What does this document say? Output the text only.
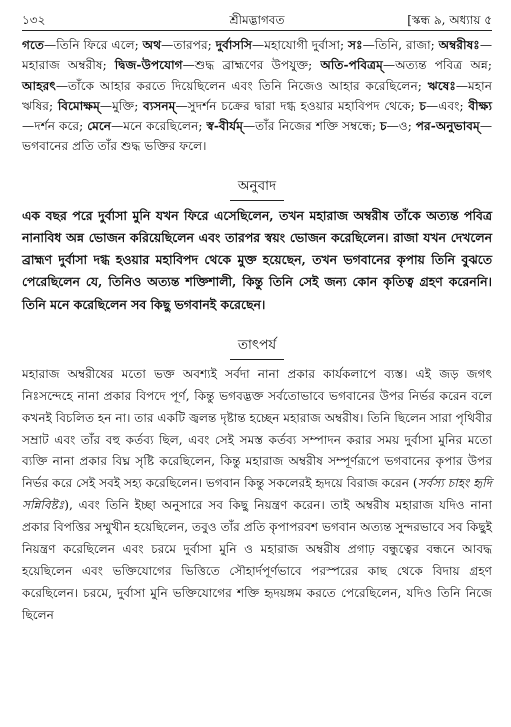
১৩২	শ্রীমদ্ভাগবত	[স্কন্ধ ৯, অধ্যায় ৫

গতে—তিনি ফিরে এলে; অথ—তারপর; দুর্বাসসি—মহাযোগী দুর্বাসা; সঃ—তিনি, রাজা; অম্বরীষঃ—মহারাজ অম্বরীষ; দ্বিজ-উপযোগ—শুদ্ধ ব্রাহ্মণের উপযুক্ত; অতি-পবিত্রম্—অত্যন্ত পবিত্র অন্ন; আহরৎ—তাঁকে আহার করতে দিয়েছিলেন এবং তিনি নিজেও আহার করেছিলেন; ঋষেঃ—মহান ঋষির; বিমোক্ষম্—মুক্তি; ব্যসনম্—সুদর্শন চক্রের দ্বারা দগ্ধ হওয়ার মহাবিপদ থেকে; চ—এবং; বীক্ষ্য—দর্শন করে; মেনে—মনে করেছিলেন; স্ব-বীর্যম্—তাঁর নিজের শক্তি সম্বন্ধে; চ—ও; পর-অনুভাবম্—ভগবানের প্রতি তাঁর শুদ্ধ ভক্তির ফলে।

অনুবাদ

এক বছর পরে দুর্বাসা মুনি যখন ফিরে এসেছিলেন, তখন মহারাজ অম্বরীষ তাঁকে অত্যন্ত পবিত্র নানাবিধ অন্ন ভোজন করিয়েছিলেন এবং তারপর স্বয়ং ভোজন করেছিলেন। রাজা যখন দেখলেন ব্রাহ্মণ দুর্বাসা দগ্ধ হওয়ার মহাবিপদ থেকে মুক্ত হয়েছেন, তখন ভগবানের কৃপায় তিনি বুঝতে পেরেছিলেন যে, তিনিও অত্যন্ত শক্তিশালী, কিন্তু তিনি সেই জন্য কোন কৃতিত্ব গ্রহণ করেননি। তিনি মনে করেছিলেন সব কিছু ভগবানই করেছেন।

তাৎপর্য

মহারাজ অম্বরীষের মতো ভক্ত অবশ্যই সর্বদা নানা প্রকার কার্যকলাপে ব্যস্ত। এই জড় জগৎ নিঃসন্দেহে নানা প্রকার বিপদে পূর্ণ, কিন্তু ভগবদ্ভক্ত সর্বতোভাবে ভগবানের উপর নির্ভর করেন বলে কখনই বিচলিত হন না। তার একটি জ্বলন্ত দৃষ্টান্ত হচ্ছেন মহারাজ অম্বরীষ। তিনি ছিলেন সারা পৃথিবীর সম্রাট এবং তাঁর বহু কর্তব্য ছিল, এবং সেই সমস্ত কর্তব্য সম্পাদন করার সময় দুর্বাসা মুনির মতো ব্যক্তি নানা প্রকার বিঘ্ন সৃষ্টি করেছিলেন, কিন্তু মহারাজ অম্বরীষ সম্পূর্ণরূপে ভগবানের কৃপার উপর নির্ভর করে সেই সবই সহ্য করেছিলেন। ভগবান কিন্তু সকলেরই হৃদয়ে বিরাজ করেন (সর্বস্য চাহং হৃদি সন্নিবিষ্টঃ), এবং তিনি ইচ্ছা অনুসারে সব কিছু নিয়ন্ত্রণ করেন। তাই অম্বরীষ মহারাজ যদিও নানা প্রকার বিপত্তির সম্মুখীন হয়েছিলেন, তবুও তাঁর প্রতি কৃপাপরবশ ভগবান অত্যন্ত সুন্দরভাবে সব কিছুই নিয়ন্ত্রণ করেছিলেন এবং চরমে দুর্বাসা মুনি ও মহারাজ অম্বরীষ প্রগাঢ় বন্ধুত্বের বন্ধনে আবদ্ধ হয়েছিলেন এবং ভক্তিযোগের ভিত্তিতে সৌহার্দপূর্ণভাবে পরস্পরের কাছ থেকে বিদায় গ্রহণ করেছিলেন। চরমে, দুর্বাসা মুনি ভক্তিযোগের শক্তি হৃদয়ঙ্গম করতে পেরেছিলেন, যদিও তিনি নিজে ছিলেন
